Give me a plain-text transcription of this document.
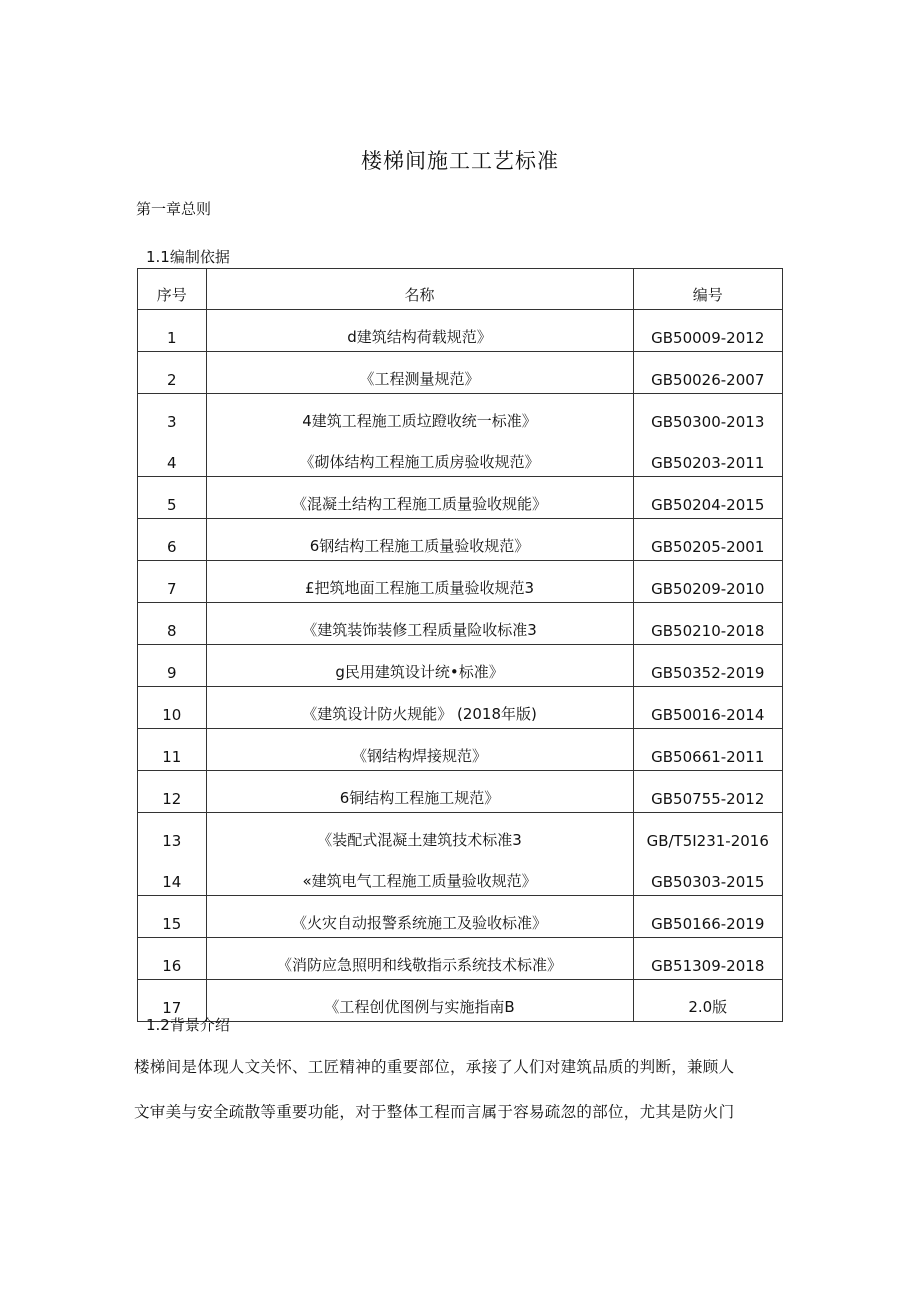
楼梯间施工工艺标准
第一章总则
1.1编制依据
序号	名称	编号
1	d建筑结构荷载规范》	GB50009-2012
2	《工程测量规范》	GB50026-2007
3	4建筑工程施工质垃蹬收统一标准》	GB50300-2013
4	《砌体结构工程施工质房验收规范》	GB50203-2011
5	《混凝土结构工程施工质量验收规能》	GB50204-2015
6	6钢结构工程施工质量验收规范》	GB50205-2001
7	£把筑地面工程施工质量验收规范3	GB50209-2010
8	《建筑装饰装修工程质量险收标准3	GB50210-2018
9	g民用建筑设计统•标准》	GB50352-2019
10	《建筑设计防火规能》 (2018年版)	GB50016-2014
11	《钢结构焊接规范》	GB50661-2011
12	6铜结构工程施工规范》	GB50755-2012
13	《装配式混凝土建筑技术标准3	GB/T5I231-2016
14	«建筑电气工程施工质量验收规范》	GB50303-2015
15	《火灾自动报警系统施工及验收标准》	GB50166-2019
16	《消防应急照明和线敬指示系统技术标准》	GB51309-2018
17	《工程创优图例与实施指南B	2.0版
1.2背景介绍
楼梯间是体现人文关怀、工匠精神的重要部位，承接了人们对建筑品质的判断，兼顾人
文审美与安全疏散等重要功能，对于整体工程而言属于容易疏忽的部位，尤其是防火门
